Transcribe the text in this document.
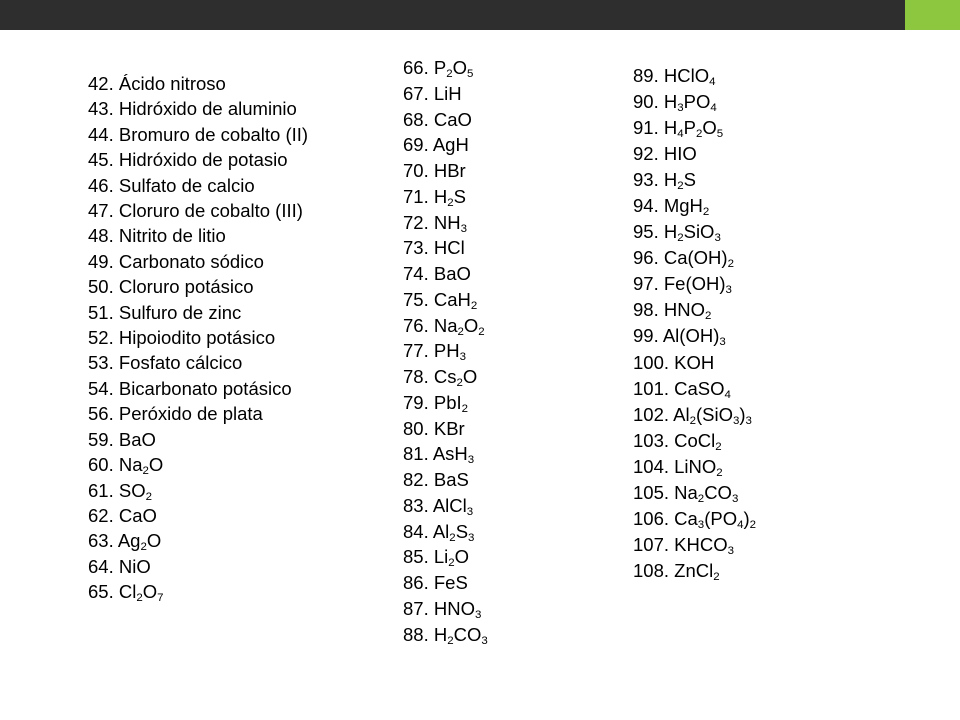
42. Ácido nitroso
43. Hidróxido de aluminio
44. Bromuro de cobalto (II)
45. Hidróxido de potasio
46. Sulfato de calcio
47. Cloruro de cobalto (III)
48. Nitrito de litio
49. Carbonato sódico
50. Cloruro potásico
51. Sulfuro de zinc
52. Hipoiodito potásico
53. Fosfato cálcico
54. Bicarbonato potásico
56. Peróxido de plata
59. BaO
60. $Na_2O$
61. $SO_2$
62. CaO
63. $Ag_2O$
64. NiO
65. $Cl_2O_7$
66. $P_2O_5$
67. LiH
68. CaO
69. AgH
70. HBr
71. $H_2S$
72. $NH_3$
73. HCl
74. BaO
75. CaH$_2$
76. $Na_2O_2$
77. $PH_3$
78. $Cs_2O$
79. PbI$_2$
80. KBr
81. AsH$_3$
82. BaS
83. AlCl$_3$
84. $Al_2S_3$
85. $Li_2O$
86. FeS
87. $HNO_3$
88. $H_2CO_3$
89. HClO$_4$
90. $H_3PO_4$
91. $H_4P_2O_5$
92. HIO
93. $H_2S$
94. MgH$_2$
95. $H_2SiO_3$
96. $Ca(OH)_2$
97. $Fe(OH)_3$
98. $HNO_2$
99. $Al(OH)_3$
100. KOH
101. CaSO$_4$
102. $Al_2(SiO_3)_3$
103. CoCl$_2$
104. LiNO$_2$
105. $Na_2CO_3$
106. $Ca_3(PO_4)_2$
107. $KHCO_3$
108. ZnCl$_2$
